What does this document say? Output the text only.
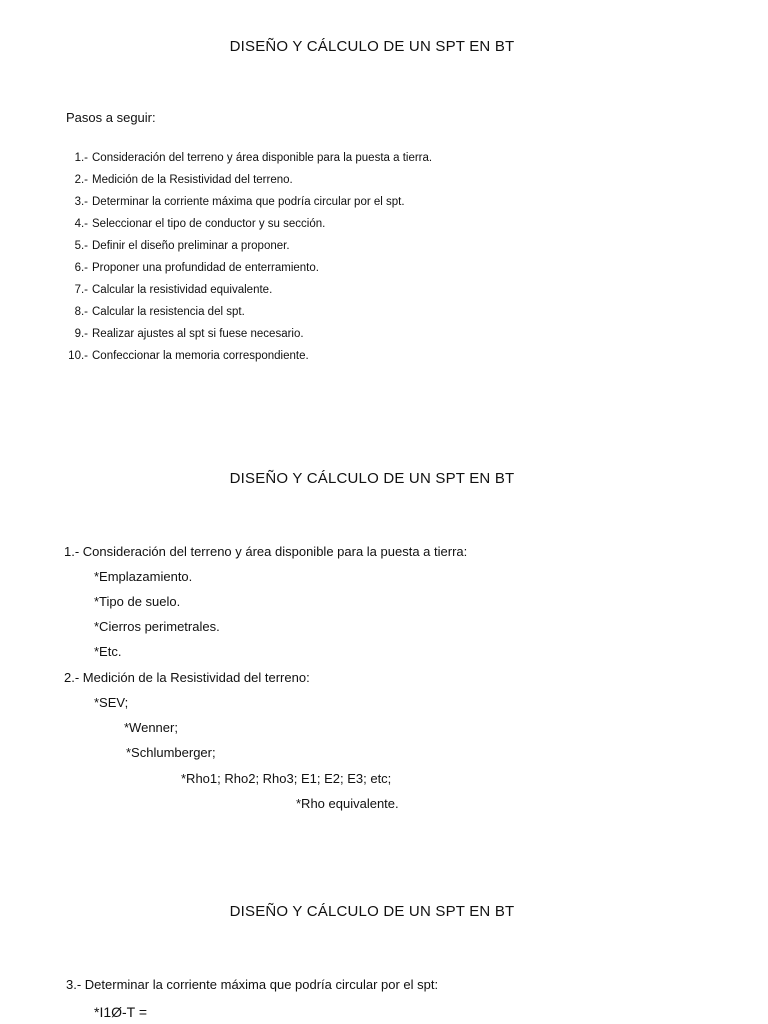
DISEÑO Y CÁLCULO DE UN SPT EN BT
Pasos a seguir:
1.- Consideración del terreno y área disponible para la puesta a tierra.
2.- Medición de la Resistividad del terreno.
3.- Determinar la corriente máxima que podría circular por el spt.
4.- Seleccionar el tipo de conductor y su sección.
5.- Definir el diseño preliminar a proponer.
6.- Proponer una profundidad de enterramiento.
7.- Calcular la resistividad equivalente.
8.- Calcular la resistencia del spt.
9.- Realizar ajustes al spt si fuese necesario.
10.- Confeccionar la memoria correspondiente.
DISEÑO Y CÁLCULO DE UN SPT EN BT
1.- Consideración del terreno y área disponible para la puesta a tierra:
*Emplazamiento.
*Tipo de suelo.
*Cierros perimetrales.
*Etc.
2.- Medición de la Resistividad del terreno:
*SEV;
*Wenner;
*Schlumberger;
*Rho1; Rho2; Rho3; E1; E2; E3; etc;
*Rho equivalente.
DISEÑO Y CÁLCULO DE UN SPT EN BT
3.- Determinar la corriente máxima que podría circular por el spt:
*I1Ø-T =
